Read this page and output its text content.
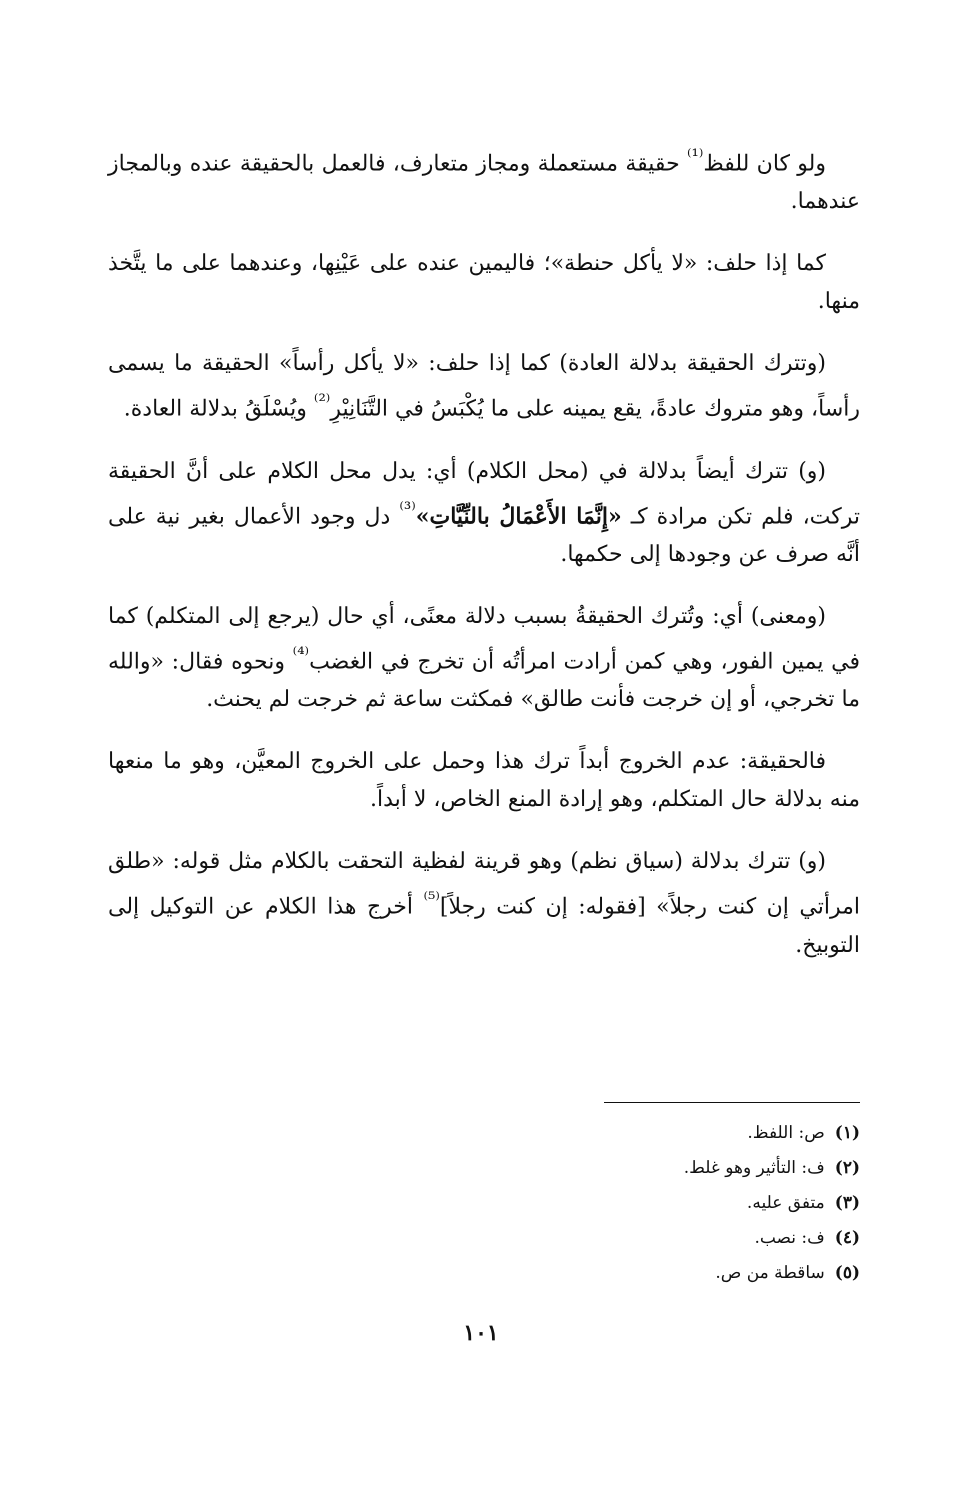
ولو كان للفظ$^{^{(1)}}$ حقيقة مستعملة ومجاز متعارف، فالعمل بالحقيقة عنده وبالمجاز عندهما.

كما إذا حلف: «لا يأكل حنطة»؛ فاليمين عنده على عَيْنِها، وعندهما على ما يتَّخذ منها.

(وتترك الحقيقة بدلالة العادة) كما إذا حلف: «لا يأكل رأساً» الحقيقة ما يسمى رأساً، وهو متروك عادةً، يقع يمينه على ما يُكْبَسُ في التَّنَانِيْرِ$^{^{(2)}}$ ويُسْلَقُ بدلالة العادة.

(و) تترك أيضاً بدلالة في (محل الكلام) أي: يدل محل الكلام على أنَّ الحقيقة تركت، فلم تكن مرادة كـ «إِنَّمَا الأَعْمَالُ بالنِّيَّاتِ»$^{^{(3)}}$ دل وجود الأعمال بغير نية على أنَّه صرف عن وجودها إلى حكمها.

(ومعنى) أي: وتُترك الحقيقةُ بسبب دلالة معنًى، أي حال (يرجع إلى المتكلم) كما في يمين الفور، وهي كمن أرادت امرأتُه أن تخرج في الغضب$^{^{(4)}}$ ونحوه فقال: «والله ما تخرجي، أو إن خرجت فأنت طالق» فمكثت ساعة ثم خرجت لم يحنث.

فالحقيقة: عدم الخروج أبداً ترك هذا وحمل على الخروج المعيَّن، وهو ما منعها منه بدلالة حال المتكلم، وهو إرادة المنع الخاص، لا أبداً.

(و) تترك بدلالة (سياق نظم) وهو قرينة لفظية التحقت بالكلام مثل قوله: «طلق امرأتي إن كنت رجلاً» [فقوله: إن كنت رجلاً]$^{^{(5)}}$ أخرج هذا الكلام عن التوكيل إلى التوبيخ.

(١)ص: اللفظ.

(٢)ف: التأثير وهو غلط.

(٣)متفق عليه.

(٤)ف: نصب.

(٥)ساقطة من ص.

١٠١
